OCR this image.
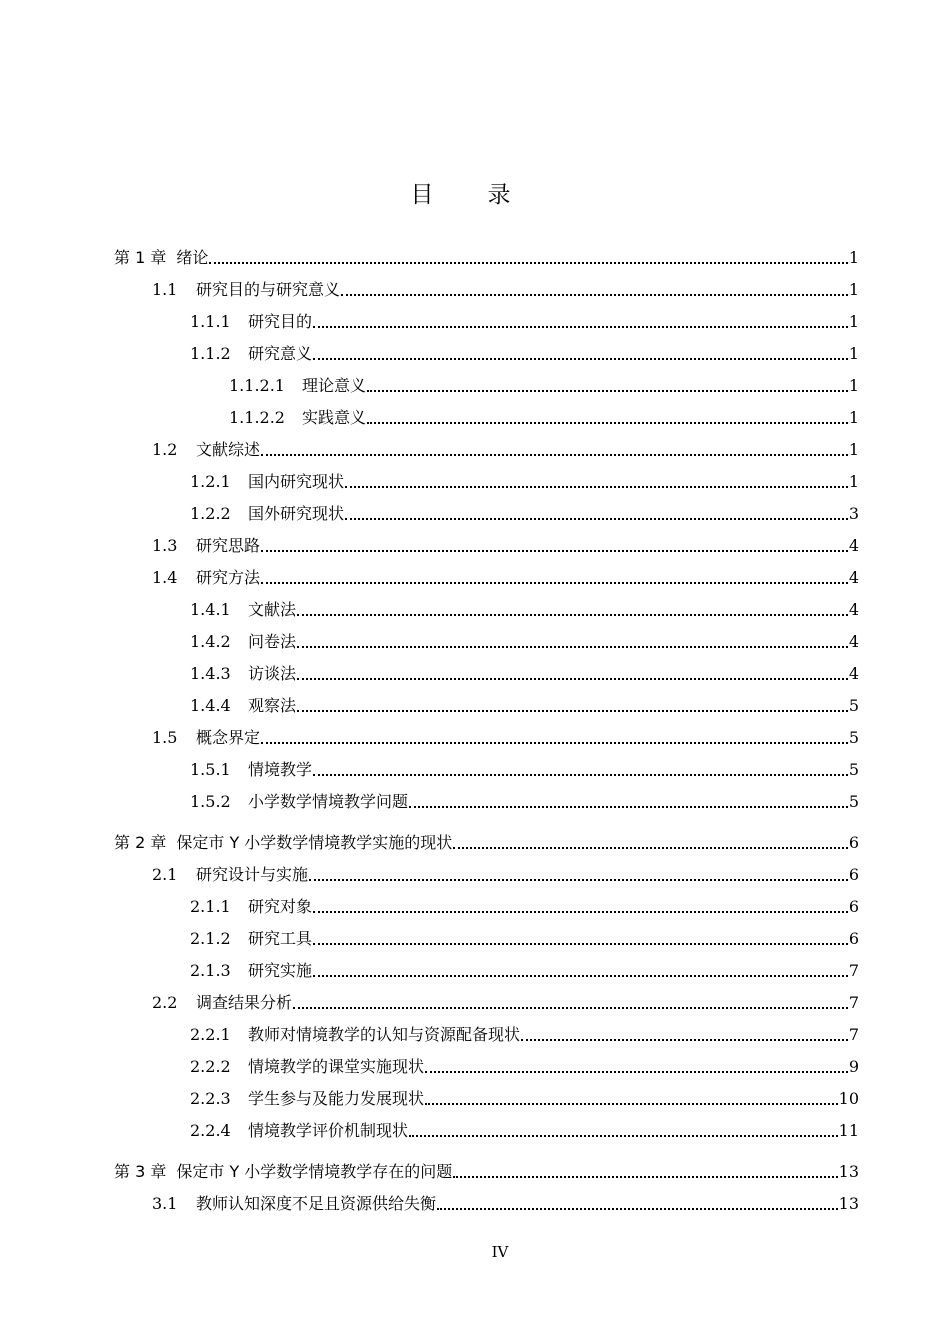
目录
第 1 章 绪论	1
1.1	研究目的与研究意义	1
1.1.1	研究目的	1
1.1.2	研究意义	1
1.1.2.1	理论意义	1
1.1.2.2	实践意义	1
1.2	文献综述	1
1.2.1	国内研究现状	1
1.2.2	国外研究现状	3
1.3	研究思路	4
1.4	研究方法	4
1.4.1	文献法	4
1.4.2	问卷法	4
1.4.3	访谈法	4
1.4.4	观察法	5
1.5	概念界定	5
1.5.1	情境教学	5
1.5.2	小学数学情境教学问题	5
第 2 章 保定市 Y 小学数学情境教学实施的现状	6
2.1	研究设计与实施	6
2.1.1	研究对象	6
2.1.2	研究工具	6
2.1.3	研究实施	7
2.2	调查结果分析	7
2.2.1	教师对情境教学的认知与资源配备现状	7
2.2.2	情境教学的课堂实施现状	9
2.2.3	学生参与及能力发展现状	10
2.2.4	情境教学评价机制现状	11
第 3 章 保定市 Y 小学数学情境教学存在的问题	13
3.1	教师认知深度不足且资源供给失衡	13
IV
